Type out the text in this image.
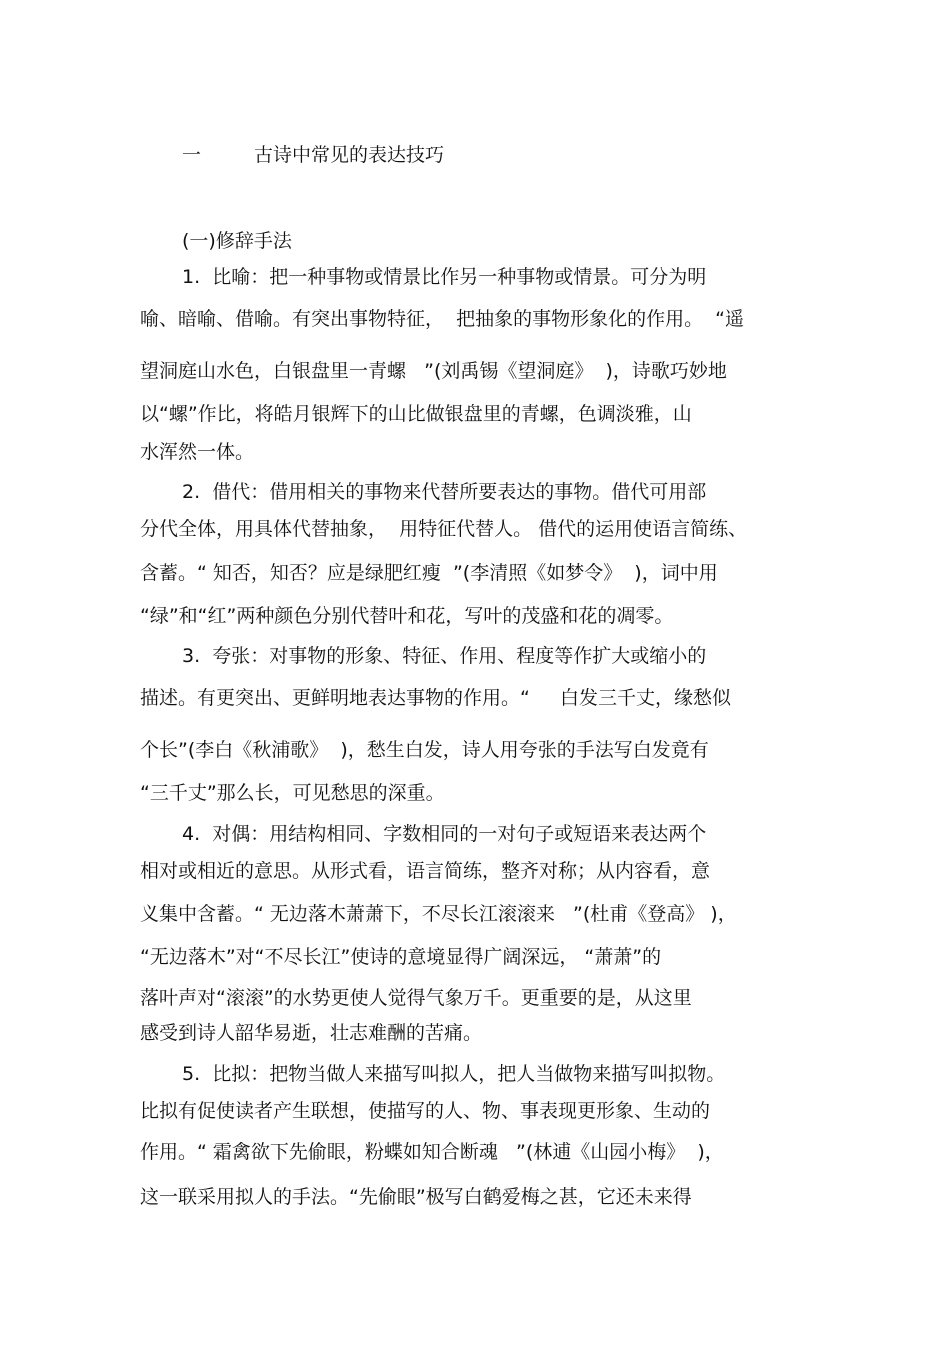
一	古诗中常见的表达技巧
(一)修辞手法
1.  比喻：把一种事物或情景比作另一种事物或情景。可分为明
喻、暗喻、借喻。有突出事物特征，  把抽象的事物形象化的作用。  “遥
望洞庭山水色，白银盘里一青螺   ”(刘禹锡《望洞庭》  )，诗歌巧妙地
以“螺”作比，将皓月银辉下的山比做银盘里的青螺，色调淡雅，山
水浑然一体。
2.  借代：借用相关的事物来代替所要表达的事物。借代可用部
分代全体，用具体代替抽象，  用特征代替人。 借代的运用使语言简练、
含蓄。“ 知否，知否？应是绿肥红瘦  ”(李清照《如梦令》  )，词中用
“绿”和“红”两种颜色分别代替叶和花，写叶的茂盛和花的凋零。
3.  夸张：对事物的形象、特征、作用、程度等作扩大或缩小的
描述。有更突出、更鲜明地表达事物的作用。“     白发三千丈，缘愁似
个长”(李白《秋浦歌》  )，愁生白发，诗人用夸张的手法写白发竟有
“三千丈”那么长，可见愁思的深重。
4.  对偶：用结构相同、字数相同的一对句子或短语来表达两个
相对或相近的意思。从形式看，语言简练，整齐对称；从内容看，意
义集中含蓄。“ 无边落木萧萧下，不尽长江滚滚来   ”(杜甫《登高》 )，
“无边落木”对“不尽长江”使诗的意境显得广阔深远， “萧萧”的
落叶声对“滚滚”的水势更使人觉得气象万千。更重要的是，从这里
感受到诗人韶华易逝，壮志难酬的苦痛。
5.  比拟：把物当做人来描写叫拟人，把人当做物来描写叫拟物。
比拟有促使读者产生联想，使描写的人、物、事表现更形象、生动的
作用。“ 霜禽欲下先偷眼，粉蝶如知合断魂   ”(林逋《山园小梅》  )，
这一联采用拟人的手法。“先偷眼”极写白鹤爱梅之甚，它还未来得
